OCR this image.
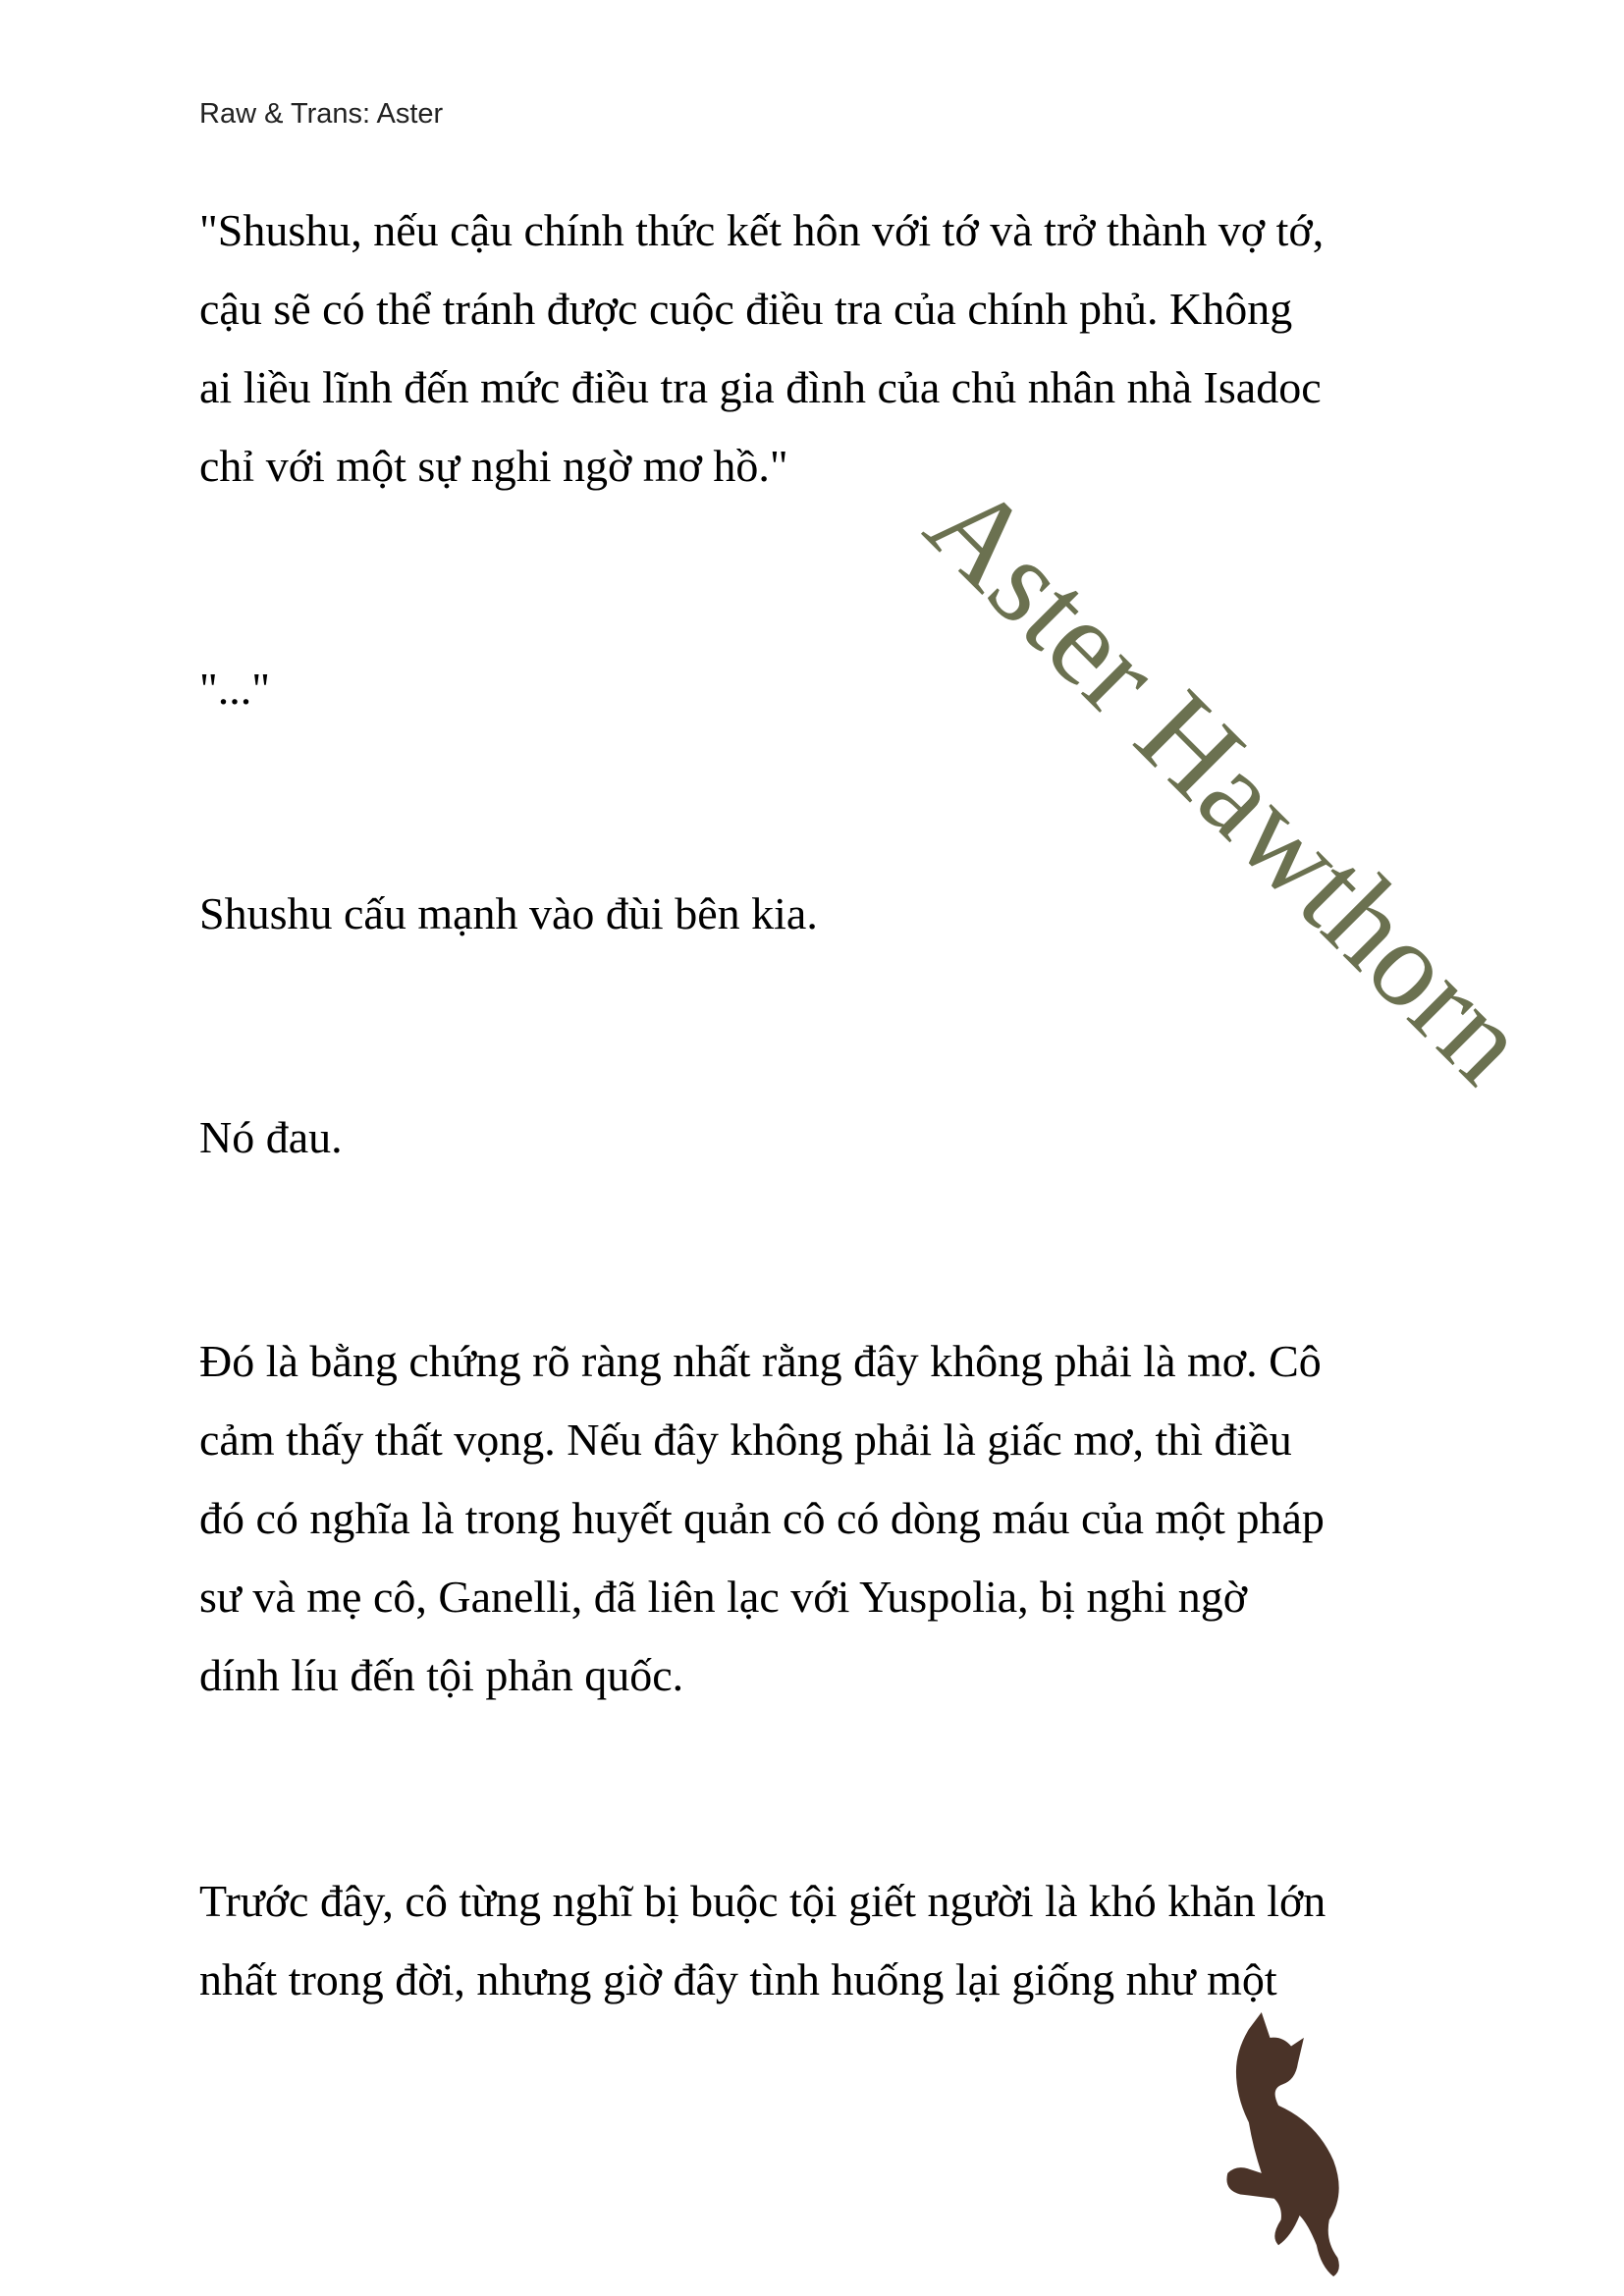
Raw & Trans: Aster
"Shushu, nếu cậu chính thức kết hôn với tớ và trở thành vợ tớ,
cậu sẽ có thể tránh được cuộc điều tra của chính phủ. Không
ai liều lĩnh đến mức điều tra gia đình của chủ nhân nhà Isadoc
chỉ với một sự nghi ngờ mơ hồ."
"..."
Shushu cấu mạnh vào đùi bên kia.
Nó đau.
Đó là bằng chứng rõ ràng nhất rằng đây không phải là mơ. Cô
cảm thấy thất vọng. Nếu đây không phải là giấc mơ, thì điều
đó có nghĩa là trong huyết quản cô có dòng máu của một pháp
sư và mẹ cô, Ganelli, đã liên lạc với Yuspolia, bị nghi ngờ
dính líu đến tội phản quốc.
Trước đây, cô từng nghĩ bị buộc tội giết người là khó khăn lớn
nhất trong đời, nhưng giờ đây tình huống lại giống như một
Aster Hawthorn
